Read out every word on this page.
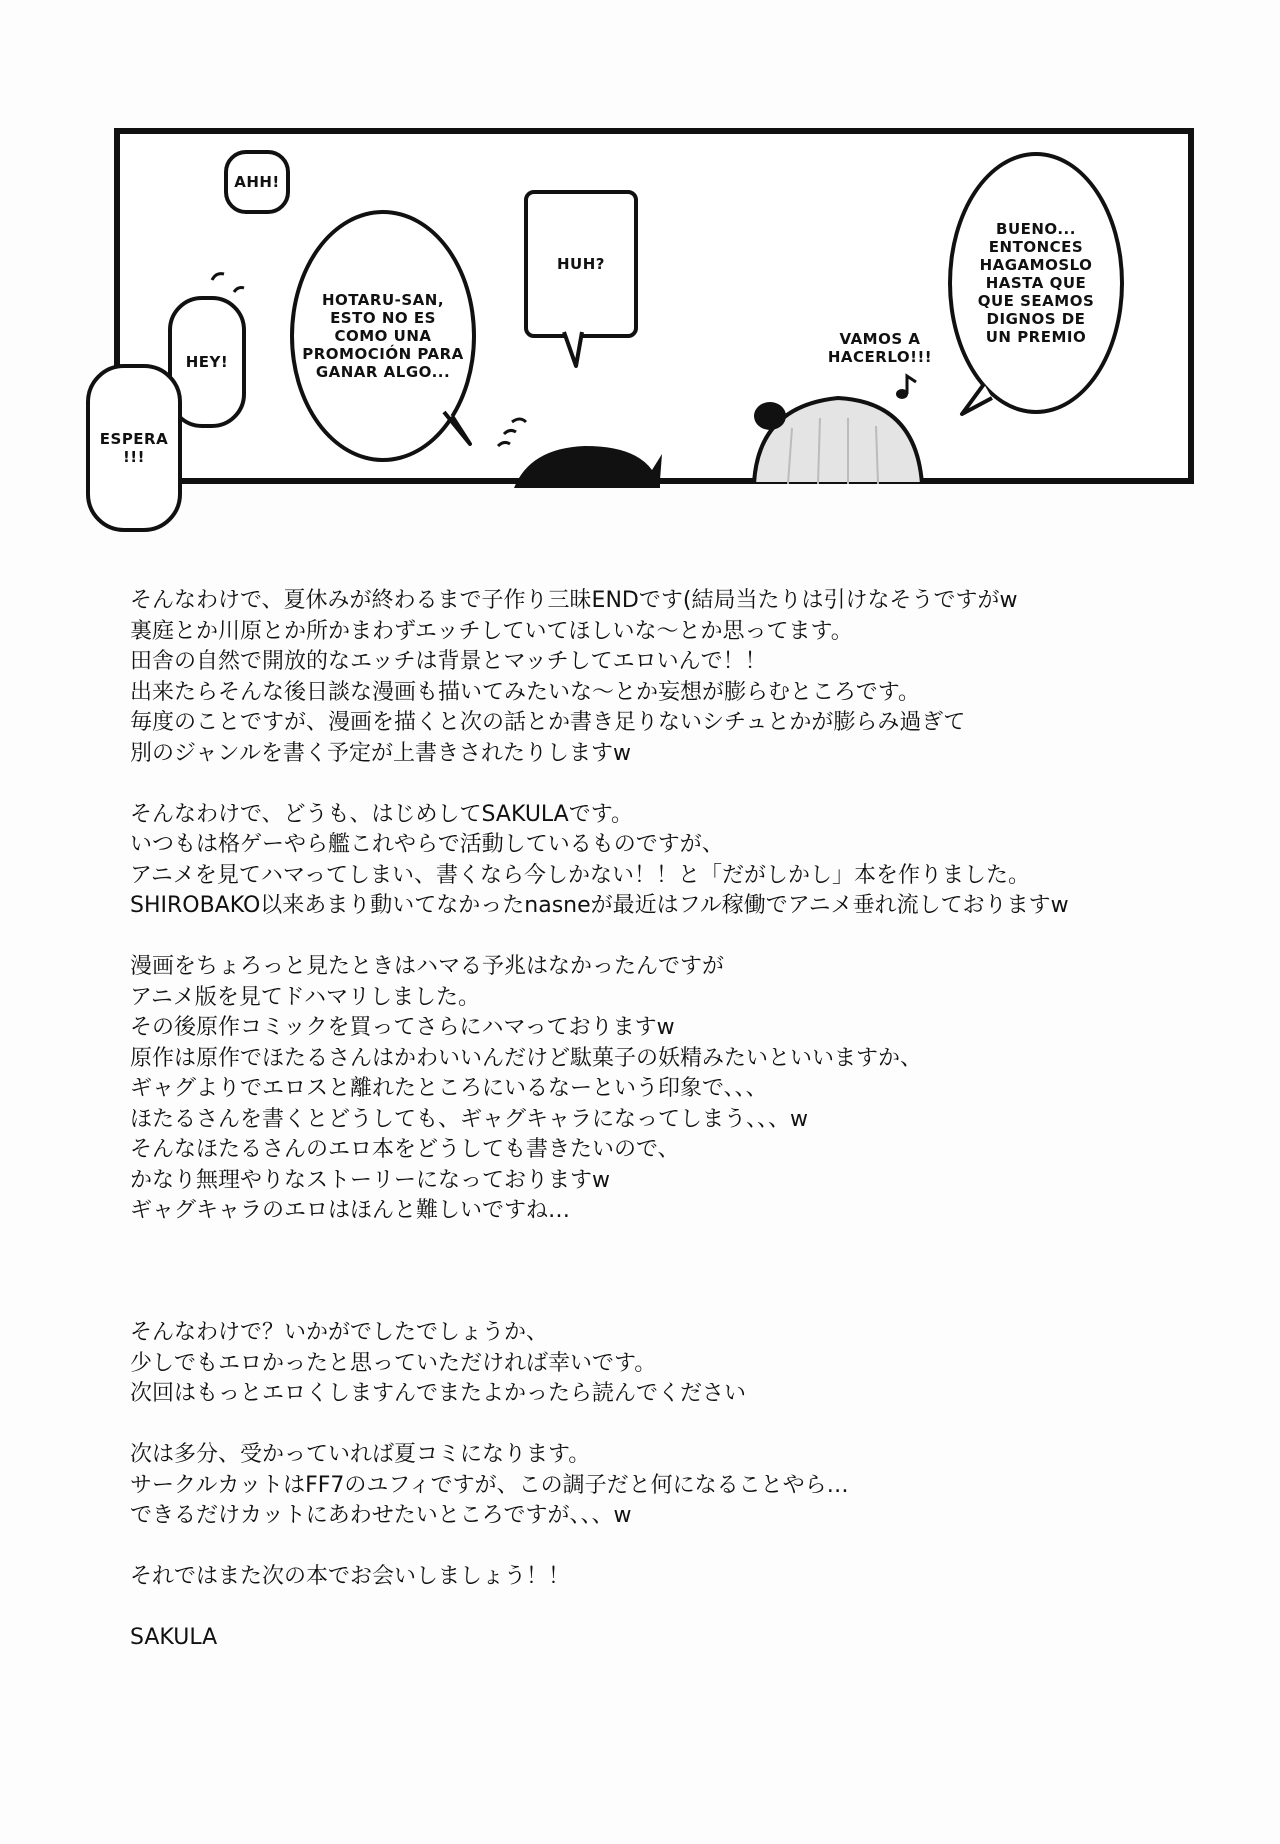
AHH!
HEY!
ESPERA
!!!
HOTARU-SAN,
ESTO NO ES
COMO UNA
PROMOCIÓN PARA
GANAR ALGO...
HUH?
VAMOS A
HACERLO!!!
BUENO...
ENTONCES
HAGAMOSLO
HASTA QUE
QUE SEAMOS
DIGNOS DE
UN PREMIO

そんなわけで、夏休みが終わるまで子作り三昧ENDです(結局当たりは引けなそうですがw

裏庭とか川原とか所かまわずエッチしていてほしいな～とか思ってます。

田舎の自然で開放的なエッチは背景とマッチしてエロいんで！！

出来たらそんな後日談な漫画も描いてみたいな～とか妄想が膨らむところです。

毎度のことですが、漫画を描くと次の話とか書き足りないシチュとかが膨らみ過ぎて

別のジャンルを書く予定が上書きされたりしますw

そんなわけで、どうも、はじめしてSAKULAです。

いつもは格ゲーやら艦これやらで活動しているものですが、

アニメを見てハマってしまい、書くなら今しかない！！と「だがしかし」本を作りました。

SHIROBAKO以来あまり動いてなかったnasneが最近はフル稼働でアニメ垂れ流しておりますw

漫画をちょろっと見たときはハマる予兆はなかったんですが

アニメ版を見てドハマリしました。

その後原作コミックを買ってさらにハマっておりますw

原作は原作でほたるさんはかわいいんだけど駄菓子の妖精みたいといいますか、

ギャグよりでエロスと離れたところにいるなーという印象で、、、

ほたるさんを書くとどうしても、ギャグキャラになってしまう、、、w

そんなほたるさんのエロ本をどうしても書きたいので、

かなり無理やりなストーリーになっておりますw

ギャグキャラのエロはほんと難しいですね…

そんなわけで？いかがでしたでしょうか、

少しでもエロかったと思っていただければ幸いです。

次回はもっとエロくしますんでまたよかったら読んでください

次は多分、受かっていれば夏コミになります。

サークルカットはFF7のユフィですが、この調子だと何になることやら…

できるだけカットにあわせたいところですが、、、w

それではまた次の本でお会いしましょう！！

SAKULA
